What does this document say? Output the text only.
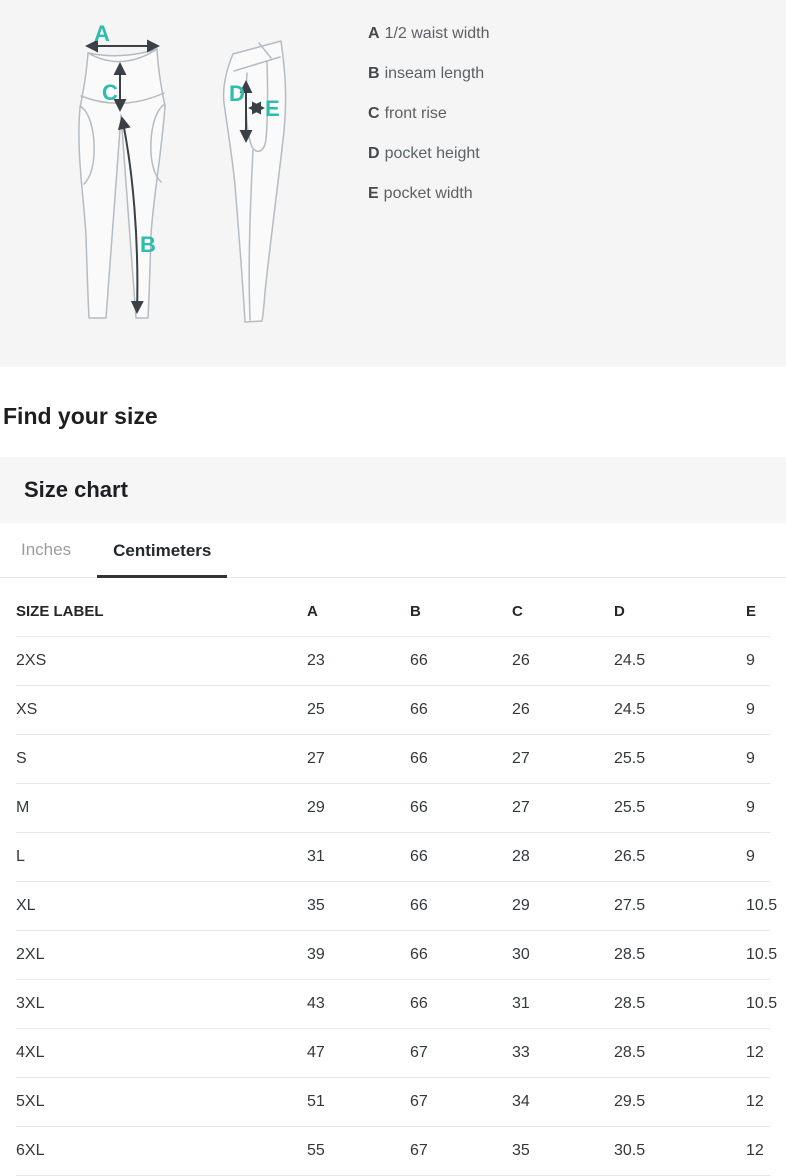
A
C
B
D
E
A 1/2 waist width
B inseam length
C front rise
D pocket height
E pocket width
Find your size
Size chart
Inches	Centimeters
SIZE LABEL	A	B	C	D	E
2XS	23	66	26	24.5	9
XS	25	66	26	24.5	9
S	27	66	27	25.5	9
M	29	66	27	25.5	9
L	31	66	28	26.5	9
XL	35	66	29	27.5	10.5
2XL	39	66	30	28.5	10.5
3XL	43	66	31	28.5	10.5
4XL	47	67	33	28.5	12
5XL	51	67	34	29.5	12
6XL	55	67	35	30.5	12
